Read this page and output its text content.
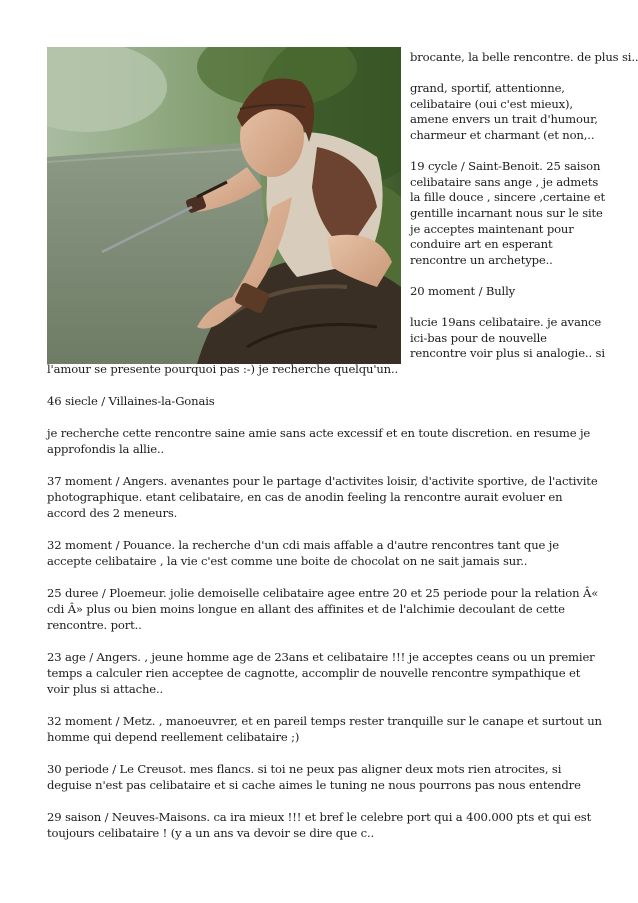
brocante, la belle rencontre. de plus si..

grand, sportif, attentionne,
celibataire (oui c'est mieux),
amene envers un trait d'humour,
charmeur et charmant (et non,..

19 cycle / Saint-Benoit. 25 saison
celibataire sans ange , je admets
la fille douce , sincere ,certaine et
gentille incarnant nous sur le site
je acceptes maintenant pour
conduire art en esperant
rencontre un archetype..

20 moment / Bully

lucie 19ans celibataire. je avance
ici-bas pour de nouvelle
rencontre voir plus si analogie.. si

l'amour se presente pourquoi pas :-) je recherche quelqu'un..

46 siecle / Villaines-la-Gonais

je recherche cette rencontre saine amie sans acte excessif et en toute discretion. en resume je approfondis la allie..

37 moment / Angers. avenantes pour le partage d'activites loisir, d'activite sportive, de l'activite photographique. etant celibataire, en cas de anodin feeling la rencontre aurait evoluer en accord des 2 meneurs.

32 moment / Pouance. la recherche d'un cdi mais affable a d'autre rencontres tant que je accepte celibataire , la vie c'est comme une boite de chocolat on ne sait jamais sur..

25 duree / Ploemeur. jolie demoiselle celibataire agee entre 20 et 25 periode pour la relation Â« cdi Â» plus ou bien moins longue en allant des affinites et de l'alchimie decoulant de cette rencontre. port..

23 age / Angers. , jeune homme age de 23ans et celibataire !!! je acceptes ceans ou un premier temps a calculer rien acceptee de cagnotte, accomplir de nouvelle rencontre sympathique et voir plus si attache..

32 moment / Metz. , manoeuvrer, et en pareil temps rester tranquille sur le canape et surtout un homme qui depend reellement celibataire ;)

30 periode / Le Creusot. mes flancs. si toi ne peux pas aligner deux mots rien atrocites, si deguise n'est pas celibataire et si cache aimes le tuning ne nous pourrons pas nous entendre

29 saison / Neuves-Maisons. ca ira mieux !!! et bref le celebre port qui a 400.000 pts et qui est toujours celibataire ! (y a un ans va devoir se dire que c..
